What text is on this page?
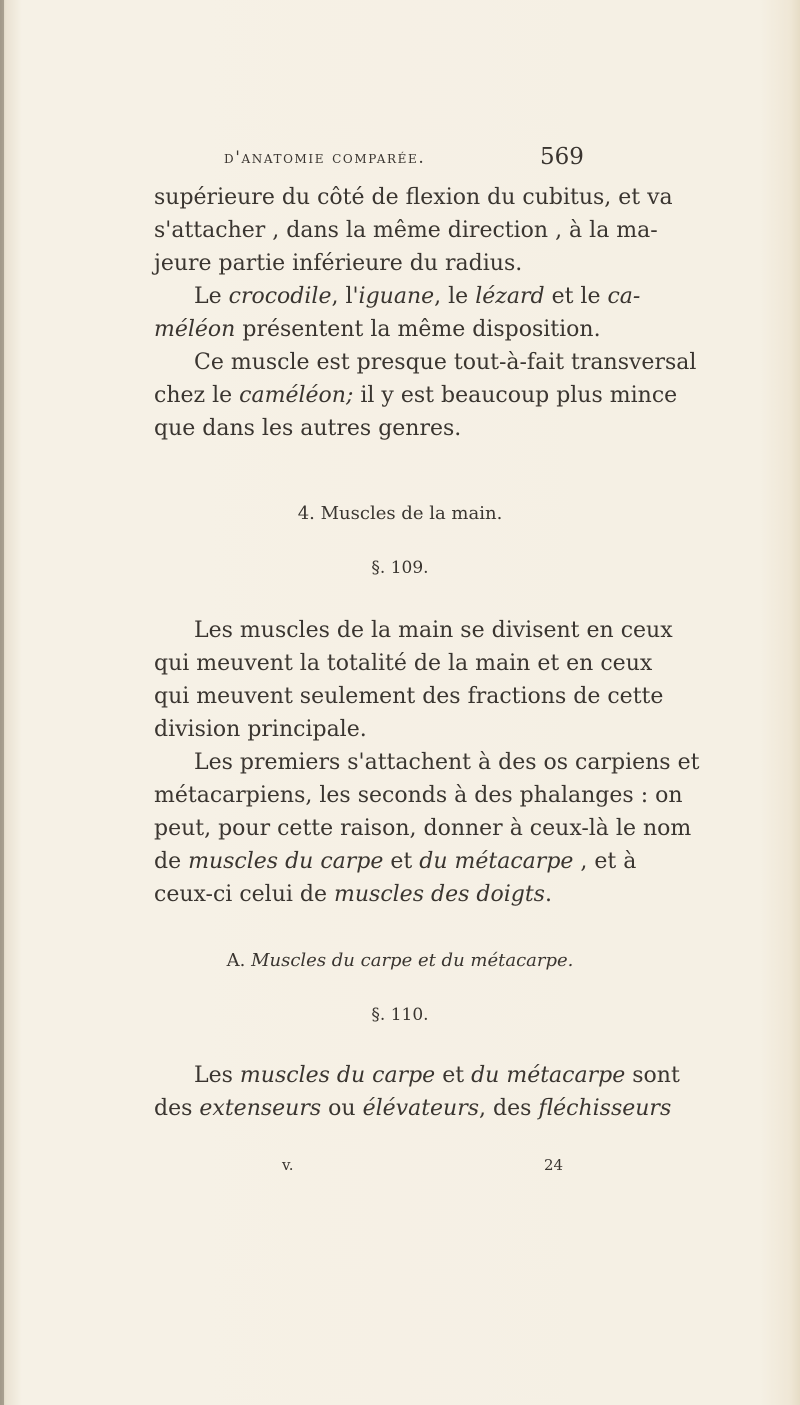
d'anatomie comparée.	569

supérieure du côté de flexion du cubitus, et va

s'attacher , dans la même direction , à la ma-

jeure partie inférieure du radius.

Le crocodile, l'iguane, le lézard et le ca-

méléon présentent la même disposition.

Ce muscle est presque tout-à-fait transversal

chez le caméléon; il y est beaucoup plus mince

que dans les autres genres.

4. Muscles de la main.
§. 109.

Les muscles de la main se divisent en ceux

qui meuvent la totalité de la main et en ceux

qui meuvent seulement des fractions de cette

division principale.

Les premiers s'attachent à des os carpiens et

métacarpiens, les seconds à des phalanges : on

peut, pour cette raison, donner à ceux-là le nom

de muscles du carpe et du métacarpe , et à

ceux-ci celui de muscles des doigts.

A. Muscles du carpe et du métacarpe.
§. 110.

Les muscles du carpe et du métacarpe sont

des extenseurs ou élévateurs, des fléchisseurs

v.	24
